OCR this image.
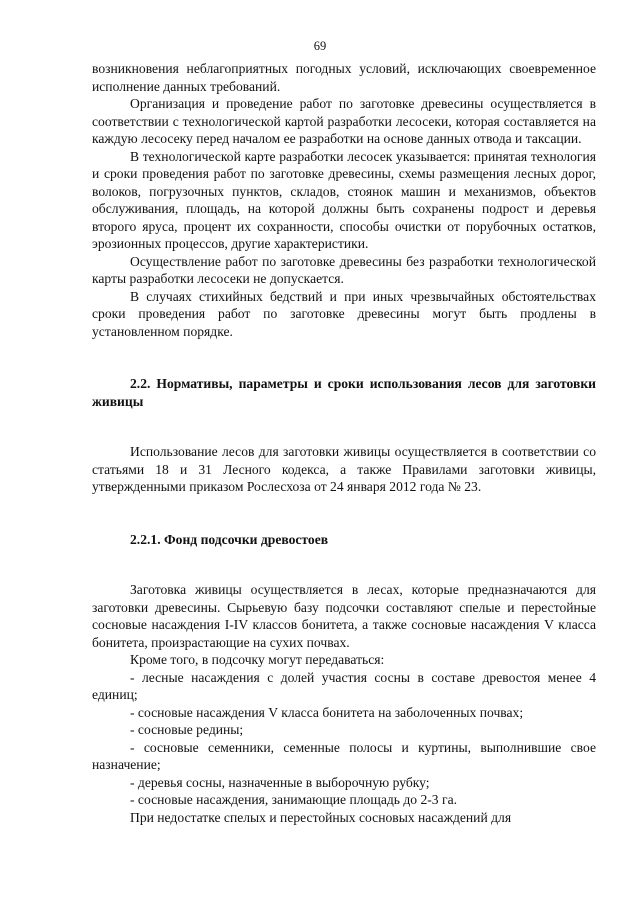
69

возникновения неблагоприятных погодных условий, исключающих своевременное исполнение данных требований.

Организация и проведение работ по заготовке древесины осуществляется в соответствии с технологической картой разработки лесосеки, которая составляется на каждую лесосеку перед началом ее разработки на основе данных отвода и таксации.

В технологической карте разработки лесосек указывается: принятая технология и сроки проведения работ по заготовке древесины, схемы размещения лесных дорог, волоков, погрузочных пунктов, складов, стоянок машин и механизмов, объектов обслуживания, площадь, на которой должны быть сохранены подрост и деревья второго яруса, процент их сохранности, способы очистки от порубочных остатков, эрозионных процессов, другие характеристики.

Осуществление работ по заготовке древесины без разработки технологической карты разработки лесосеки не допускается.

В случаях стихийных бедствий и при иных чрезвычайных обстоятельствах сроки проведения работ по заготовке древесины могут быть продлены в установленном порядке.

2.2. Нормативы, параметры и сроки использования лесов для заготовки живицы

Использование лесов для заготовки живицы осуществляется в соответствии со статьями 18 и 31 Лесного кодекса, а также Правилами заготовки живицы, утвержденными приказом Рослесхоза от 24 января 2012 года № 23.

2.2.1. Фонд подсочки древостоев

Заготовка живицы осуществляется в лесах, которые предназначаются для заготовки древесины. Сырьевую базу подсочки составляют спелые и перестойные сосновые насаждения I-IV классов бонитета, а также сосновые насаждения V класса бонитета, произрастающие на сухих почвах.

Кроме того, в подсочку могут передаваться:

- лесные насаждения с долей участия сосны в составе древостоя менее 4 единиц;
- сосновые насаждения V класса бонитета на заболоченных почвах;
- сосновые редины;
- сосновые семенники, семенные полосы и куртины, выполнившие свое назначение;
- деревья сосны, назначенные в выборочную рубку;
- сосновые насаждения, занимающие площадь до 2-3 га.

При недостатке спелых и перестойных сосновых насаждений для
